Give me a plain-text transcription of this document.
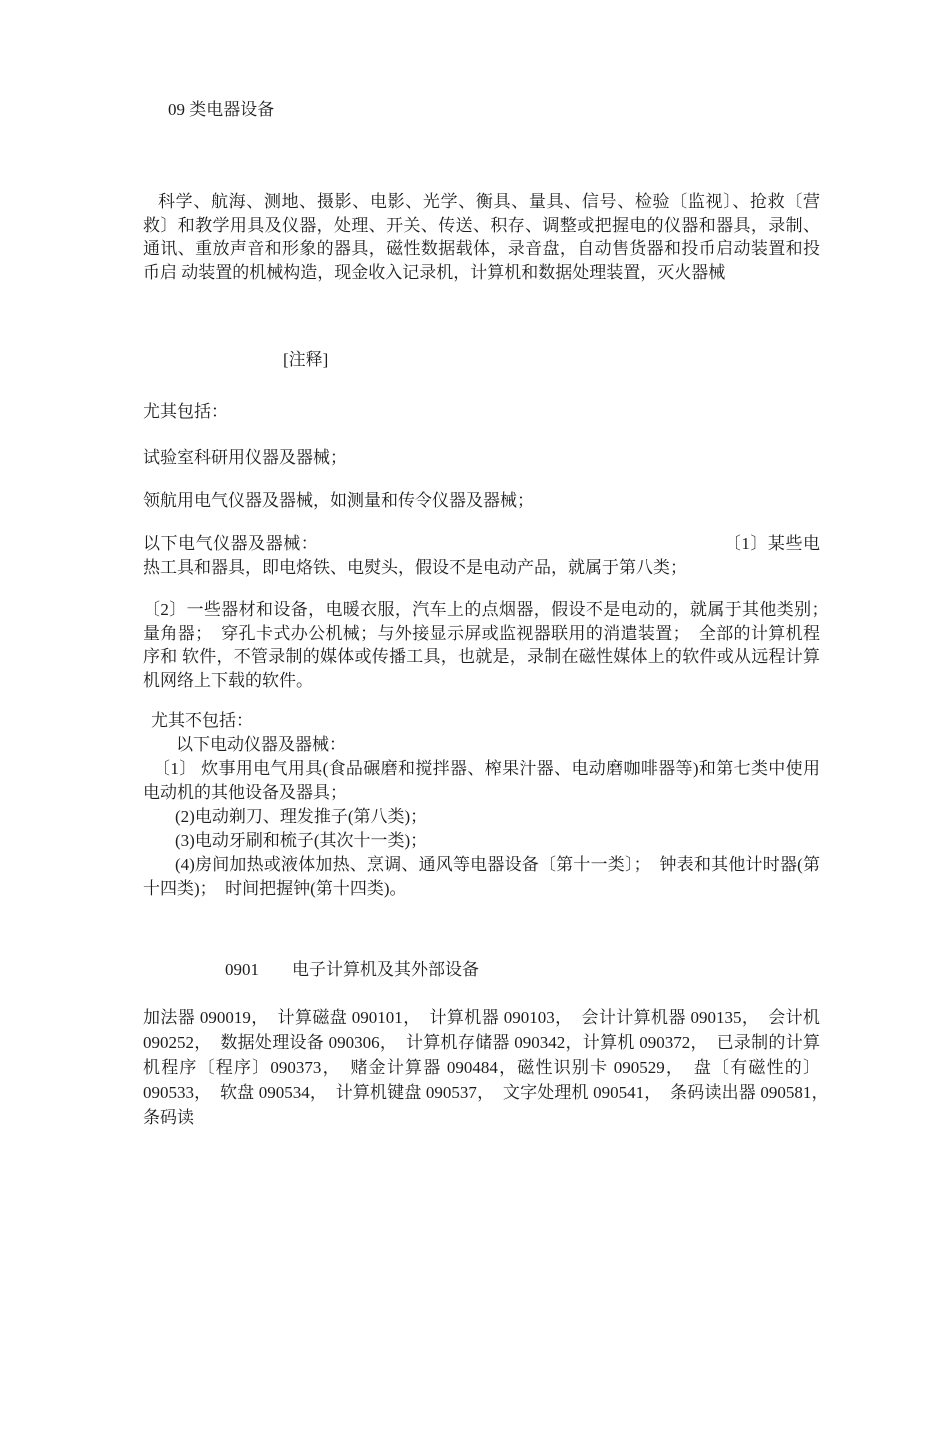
09 类电器设备
科学、航海、测地、摄影、电影、光学、衡具、量具、信号、检验〔监视〕、抢救〔营救〕和教学用具及仪器，处理、开关、传送、积存、调整或把握电的仪器和器具，录制、通讯、重放声音和形象的器具，磁性数据载体，录音盘，自动售货器和投币启动装置和投币启 动装置的机械构造，现金收入记录机，计算机和数据处理装置，灭火器械
[注释]
尤其包括：
试验室科研用仪器及器械；
领航用电气仪器及器械，如测量和传令仪器及器械；
以下电气仪器及器械：	〔1〕某些电热工具和器具，即电烙铁、电熨头，假设不是电动产品，就属于第八类；
〔2〕一些器材和设备，电暖衣服，汽车上的点烟器，假设不是电动的，就属于其他类别；　量角器；　穿孔卡式办公机械；与外接显示屏或监视器联用的消遣装置；　全部的计算机程序和 软件，不管录制的媒体或传播工具，也就是，录制在磁性媒体上的软件或从远程计算机网络上下载的软件。
尤其不包括：
以下电动仪器及器械：
〔1〕 炊事用电气用具(食品碾磨和搅拌器、榨果汁器、电动磨咖啡器等)和第七类中使用电动机的其他设备及器具；
(2)电动剃刀、理发推子(第八类)；
(3)电动牙刷和梳子(其次十一类)；
(4)房间加热或液体加热、烹调、通风等电器设备〔第十一类〕；　钟表和其他计时器(第十四类)；　时间把握钟(第十四类)。
0901 电子计算机及其外部设备
加法器 090019，　计算磁盘 090101，　计算机器 090103，　会计计算机器 090135，　会计机 090252，　数据处理设备 090306，　计算机存储器 090342，计算机 090372，　已录制的计算机程序〔程序〕090373，　赌金计算器 090484，磁性识别卡 090529，　盘〔有磁性的〕090533，　软盘 090534，　计算机键盘 090537，　文字处理机 090541，　条码读出器 090581，　条码读
